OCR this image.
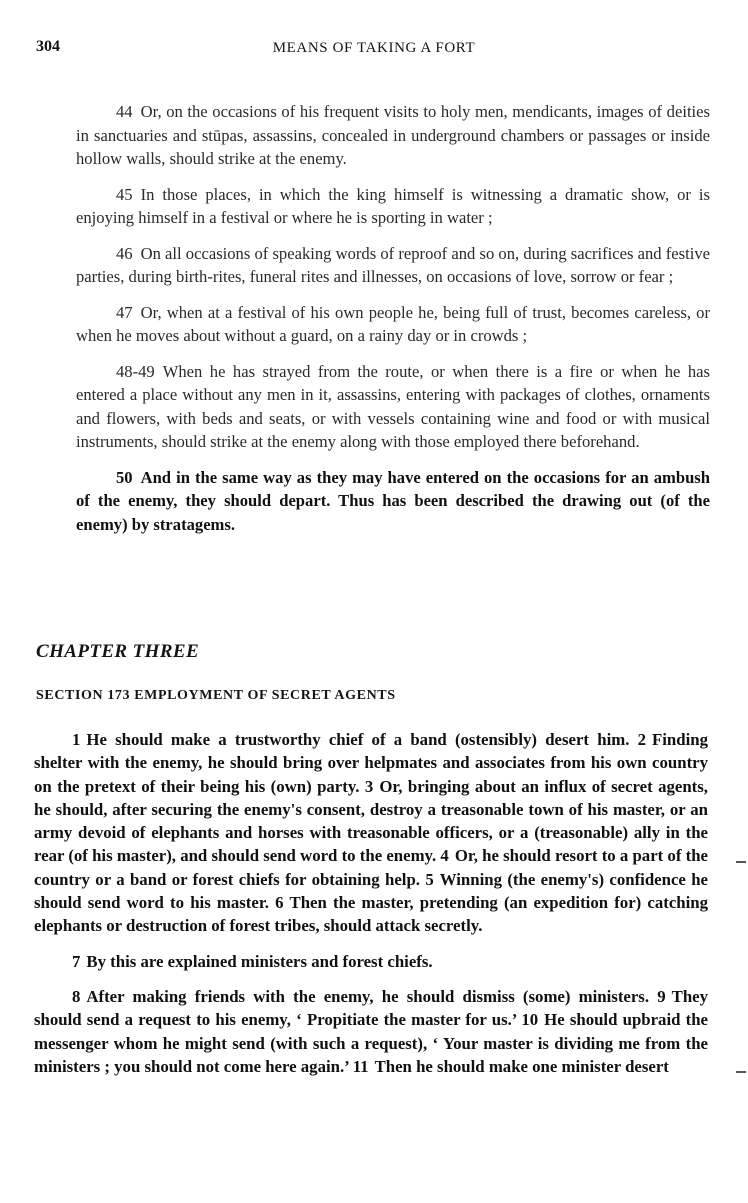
304	MEANS OF TAKING A FORT

44 Or, on the occasions of his frequent visits to holy men, mendicants, images of deities in sanctuaries and stūpas, assassins, concealed in underground chambers or passages or inside hollow walls, should strike at the enemy.

45 In those places, in which the king himself is witnessing a dramatic show, or is enjoying himself in a festival or where he is sporting in water ;

46 On all occasions of speaking words of reproof and so on, during sacrifices and festive parties, during birth-rites, funeral rites and illnesses, on occasions of love, sorrow or fear ;

47 Or, when at a festival of his own people he, being full of trust, becomes careless, or when he moves about without a guard, on a rainy day or in crowds ;

48-49 When he has strayed from the route, or when there is a fire or when he has entered a place without any men in it, assassins, entering with packages of clothes, ornaments and flowers, with beds and seats, or with vessels containing wine and food or with musical instruments, should strike at the enemy along with those employed there beforehand.

50 And in the same way as they may have entered on the occasions for an ambush of the enemy, they should depart. Thus has been described the drawing out (of the enemy) by stratagems.

CHAPTER THREE
SECTION 173 EMPLOYMENT OF SECRET AGENTS

1 He should make a trustworthy chief of a band (ostensibly) desert him. 2 Finding shelter with the enemy, he should bring over helpmates and associates from his own country on the pretext of their being his (own) party. 3 Or, bringing about an influx of secret agents, he should, after securing the enemy's consent, destroy a treasonable town of his master, or an army devoid of elephants and horses with treasonable officers, or a (treasonable) ally in the rear (of his master), and should send word to the enemy. 4 Or, he should resort to a part of the country or a band or forest chiefs for obtaining help. 5 Winning (the enemy's) confidence he should send word to his master. 6 Then the master, pretending (an expedition for) catching elephants or destruction of forest tribes, should attack secretly.

7 By this are explained ministers and forest chiefs.

8 After making friends with the enemy, he should dismiss (some) ministers. 9 They should send a request to his enemy, ‘ Propitiate the master for us.’ 10 He should upbraid the messenger whom he might send (with such a request), ‘ Your master is dividing me from the ministers ; you should not come here again.’ 11 Then he should make one minister desert
